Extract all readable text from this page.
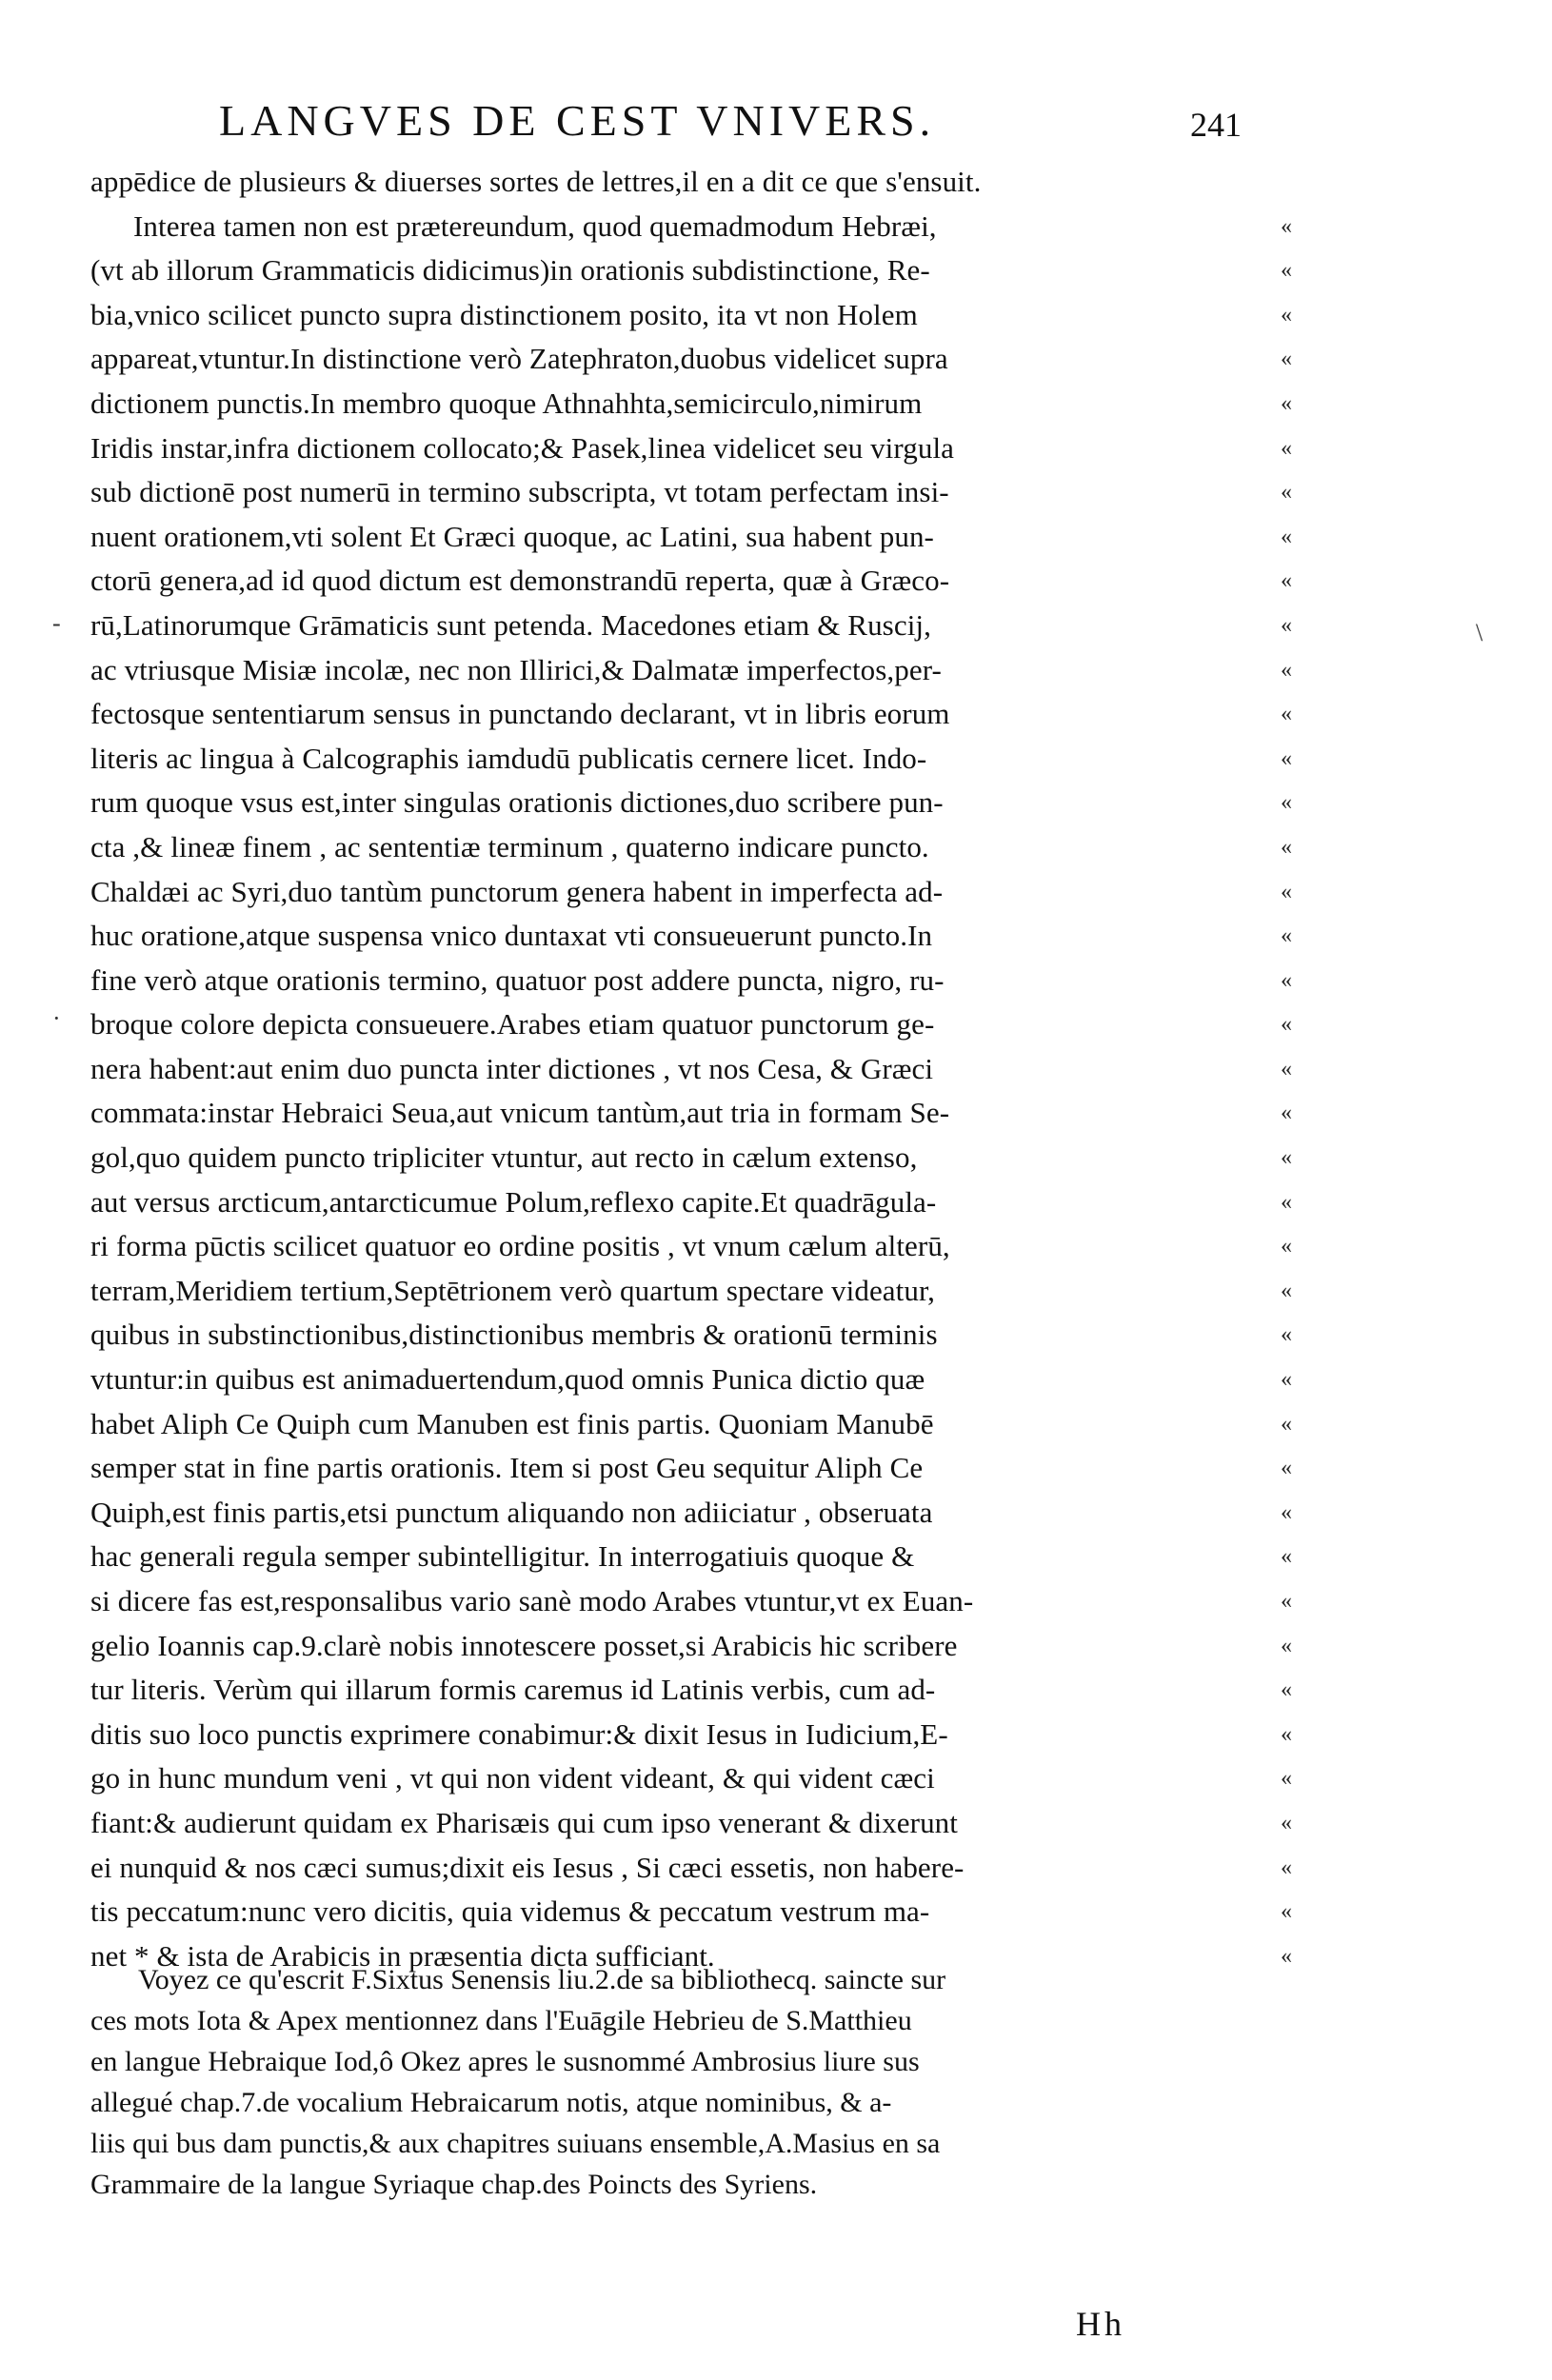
LANGVES DE CEST VNIVERS.	241
appēdice de plusieurs & diuerses sortes de lettres,il en a dit ce que s'ensuit.
Interea tamen non est prætereundum, quod quemadmodum Hebræi,
(vt ab illorum Grammaticis didicimus)in orationis subdistinctione, Re-
bia,vnico scilicet puncto supra distinctionem posito, ita vt non Holem
appareat,vtuntur.In distinctione verò Zatephraton,duobus videlicet supra
dictionem punctis.In membro quoque Athnahhta,semicirculo,nimirum
Iridis instar,infra dictionem collocato;& Pasek,linea videlicet seu virgula
sub dictionē post numerū in termino subscripta, vt totam perfectam insi-
nuent orationem,vti solent Et Græci quoque, ac Latini, sua habent pun-
ctorū genera,ad id quod dictum est demonstrandū reperta, quæ à Græco-
rū,Latinorumque Grāmaticis sunt petenda. Macedones etiam & Ruscij,
ac vtriusque Misiæ incolæ, nec non Illirici,& Dalmatæ imperfectos,per-
fectosque sententiarum sensus in punctando declarant, vt in libris eorum
literis ac lingua à Calcographis iamdudū publicatis cernere licet. Indo-
rum quoque vsus est,inter singulas orationis dictiones,duo scribere pun-
cta ,& lineæ finem , ac sententiæ terminum , quaterno indicare puncto.
Chaldæi ac Syri,duo tantùm punctorum genera habent in imperfecta ad-
huc oratione,atque suspensa vnico duntaxat vti consueuerunt puncto.In
fine verò atque orationis termino, quatuor post addere puncta, nigro, ru-
broque colore depicta consueuere.Arabes etiam quatuor punctorum ge-
nera habent:aut enim duo puncta inter dictiones , vt nos Cesa, & Græci
commata:instar Hebraici Seua,aut vnicum tantùm,aut tria in formam Se-
gol,quo quidem puncto tripliciter vtuntur, aut recto in cælum extenso,
aut versus arcticum,antarcticumue Polum,reflexo capite.Et quadrāgula-
ri forma pūctis scilicet quatuor eo ordine positis , vt vnum cælum alterū,
terram,Meridiem tertium,Septētrionem verò quartum spectare videatur,
quibus in substinctionibus,distinctionibus membris & orationū terminis
vtuntur:in quibus est animaduertendum,quod omnis Punica dictio quæ
habet Aliph Ce Quiph cum Manuben est finis partis. Quoniam Manubē
semper stat in fine partis orationis. Item si post Geu sequitur Aliph Ce
Quiph,est finis partis,etsi punctum aliquando non adiiciatur , obseruata
hac generali regula semper subintelligitur. In interrogatiuis quoque &
si dicere fas est,responsalibus vario sanè modo Arabes vtuntur,vt ex Euan-
gelio Ioannis cap.9.clarè nobis innotescere posset,si Arabicis hic scribere
tur literis. Verùm qui illarum formis caremus id Latinis verbis, cum ad-
ditis suo loco punctis exprimere conabimur:& dixit Iesus in Iudicium,E-
go in hunc mundum veni , vt qui non vident videant, & qui vident cæci
fiant:& audierunt quidam ex Pharisæis qui cum ipso venerant & dixerunt
ei nunquid & nos cæci sumus;dixit eis Iesus , Si cæci essetis, non habere-
tis peccatum:nunc vero dicitis, quia videmus & peccatum vestrum ma-
net * & ista de Arabicis in præsentia dicta sufficiant.
«
«
«
«
«
«
«
«
«
«
«
«
«
«
«
«
«
«
«
«
«
«
«
«
«
«
«
«
«
«
«
«
«
«
«
«
«
«
«
«
Voyez ce qu'escrit F.Sixtus Senensis liu.2.de sa bibliothecq. saincte sur
ces mots Iota & Apex mentionnez dans l'Euāgile Hebrieu de S.Matthieu
en langue Hebraique Iod,ô Okez apres le susnommé Ambrosius liure sus
allegué chap.7.de vocalium Hebraicarum notis, atque nominibus, & a-
liis qui bus dam punctis,& aux chapitres suiuans ensemble,A.Masius en sa
Grammaire de la langue Syriaque chap.des Poincts des Syriens.
Hh
\
-
·
